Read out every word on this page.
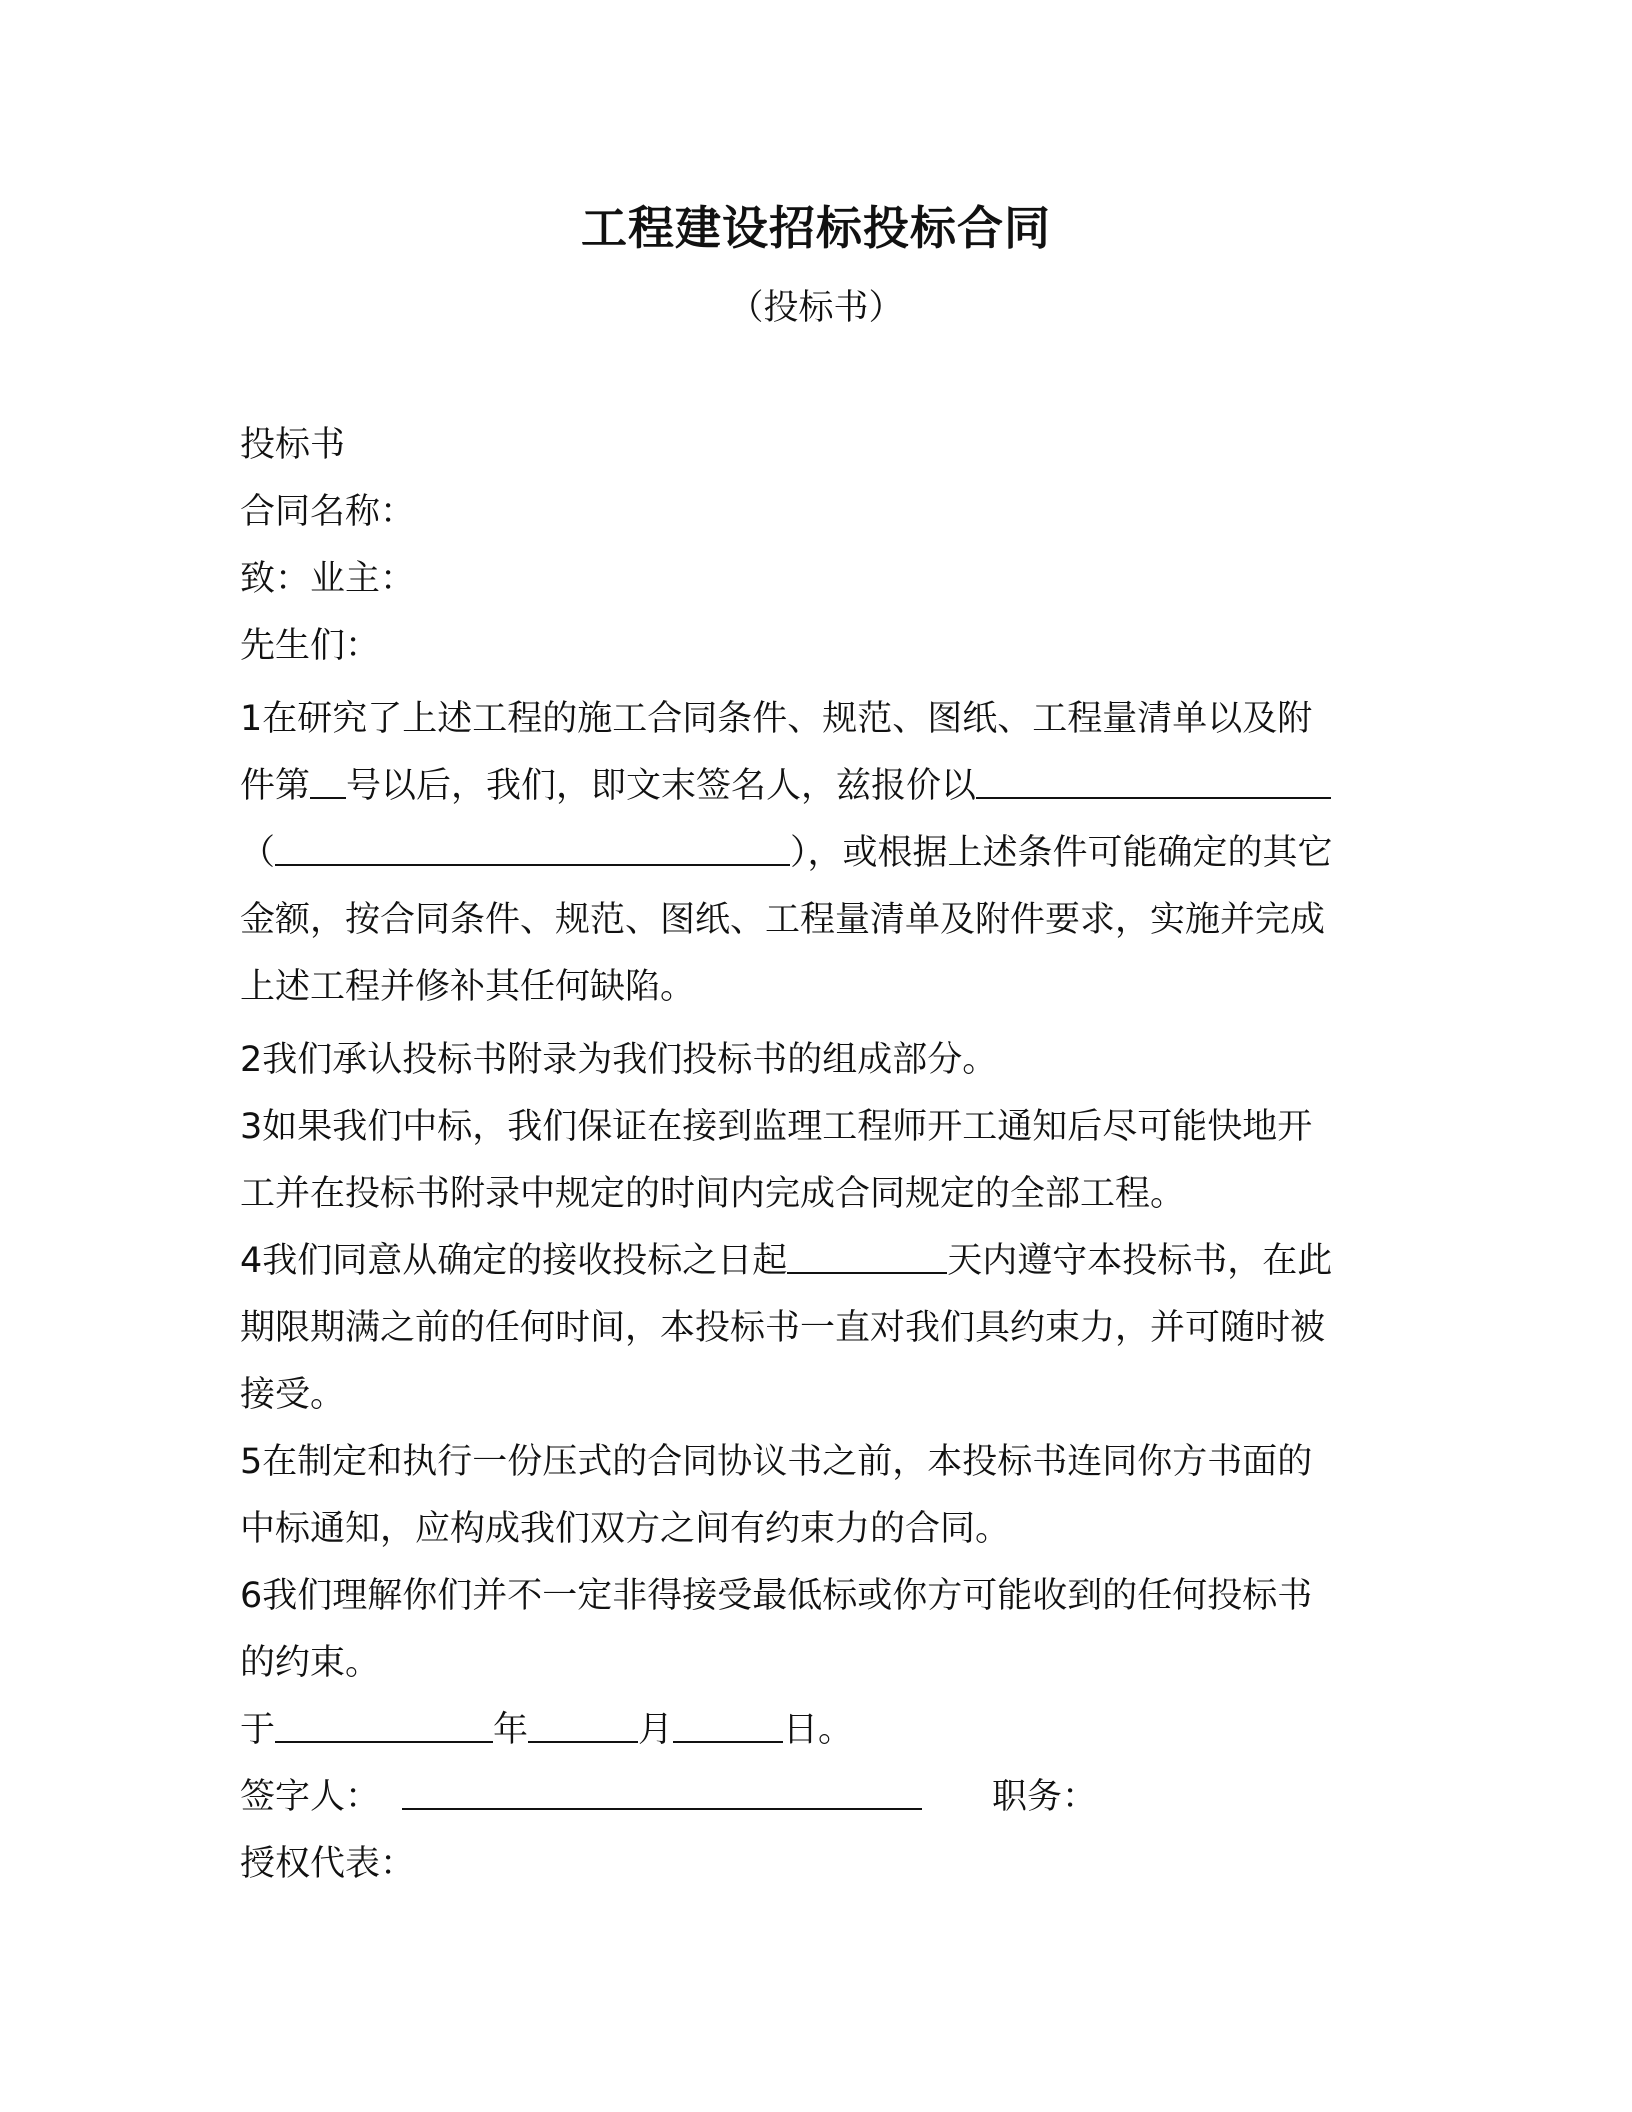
工程建设招标投标合同
（投标书）
投标书
合同名称：
致：业主：
先生们：
1在研究了上述工程的施工合同条件、规范、图纸、工程量清单以及附
件第 号以后，我们，即文末签名人，兹报价以
（	），或根据上述条件可能确定的其它
金额，按合同条件、规范、图纸、工程量清单及附件要求，实施并完成
上述工程并修补其任何缺陷。
2我们承认投标书附录为我们投标书的组成部分。
3如果我们中标，我们保证在接到监理工程师开工通知后尽可能快地开
工并在投标书附录中规定的时间内完成合同规定的全部工程。
4我们同意从确定的接收投标之日起	天内遵守本投标书，在此
期限期满之前的任何时间，本投标书一直对我们具约束力，并可随时被
接受。
5在制定和执行一份压式的合同协议书之前，本投标书连同你方书面的
中标通知，应构成我们双方之间有约束力的合同。
6我们理解你们并不一定非得接受最低标或你方可能收到的任何投标书
的约束。
于	年	月	日。
签字人：	职务：
授权代表：
